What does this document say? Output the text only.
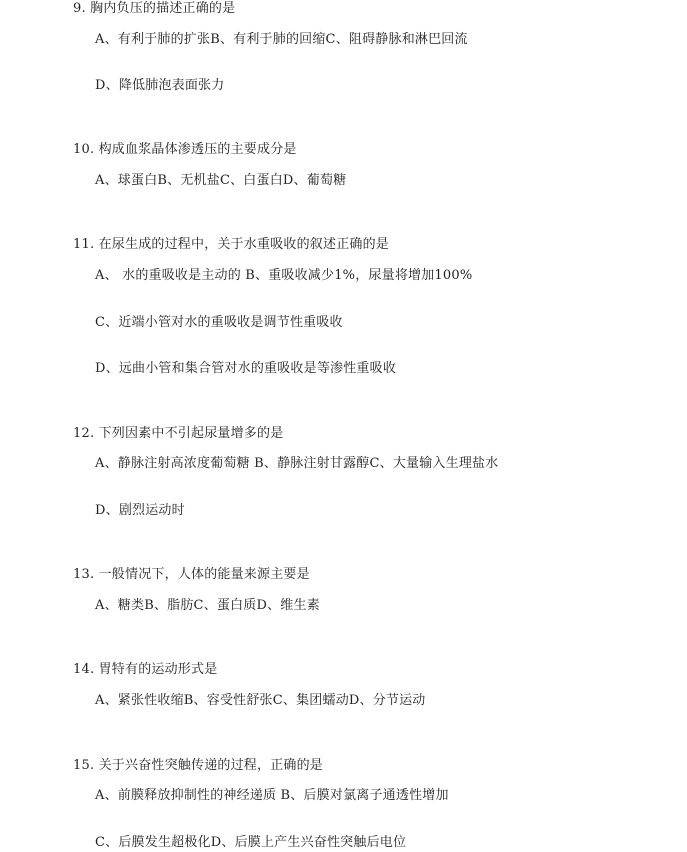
9. 胸内负压的描述正确的是
A、有利于肺的扩张B、有利于肺的回缩C、阻碍静脉和淋巴回流
D、降低肺泡表面张力
10. 构成血浆晶体渗透压的主要成分是
A、球蛋白B、无机盐C、白蛋白D、葡萄糖
11. 在尿生成的过程中，关于水重吸收的叙述正确的是
A、 水的重吸收是主动的 B、重吸收减少1%，尿量将增加100%
C、近端小管对水的重吸收是调节性重吸收
D、远曲小管和集合管对水的重吸收是等渗性重吸收
12. 下列因素中不引起尿量增多的是
A、静脉注射高浓度葡萄糖 B、静脉注射甘露醇C、大量输入生理盐水
D、剧烈运动时
13. 一般情况下，人体的能量来源主要是
A、糖类B、脂肪C、蛋白质D、维生素
14. 胃特有的运动形式是
A、紧张性收缩B、容受性舒张C、集团蠕动D、分节运动
15. 关于兴奋性突触传递的过程，正确的是
A、前膜释放抑制性的神经递质 B、后膜对氯离子通透性增加
C、后膜发生超极化D、后膜上产生兴奋性突触后电位
